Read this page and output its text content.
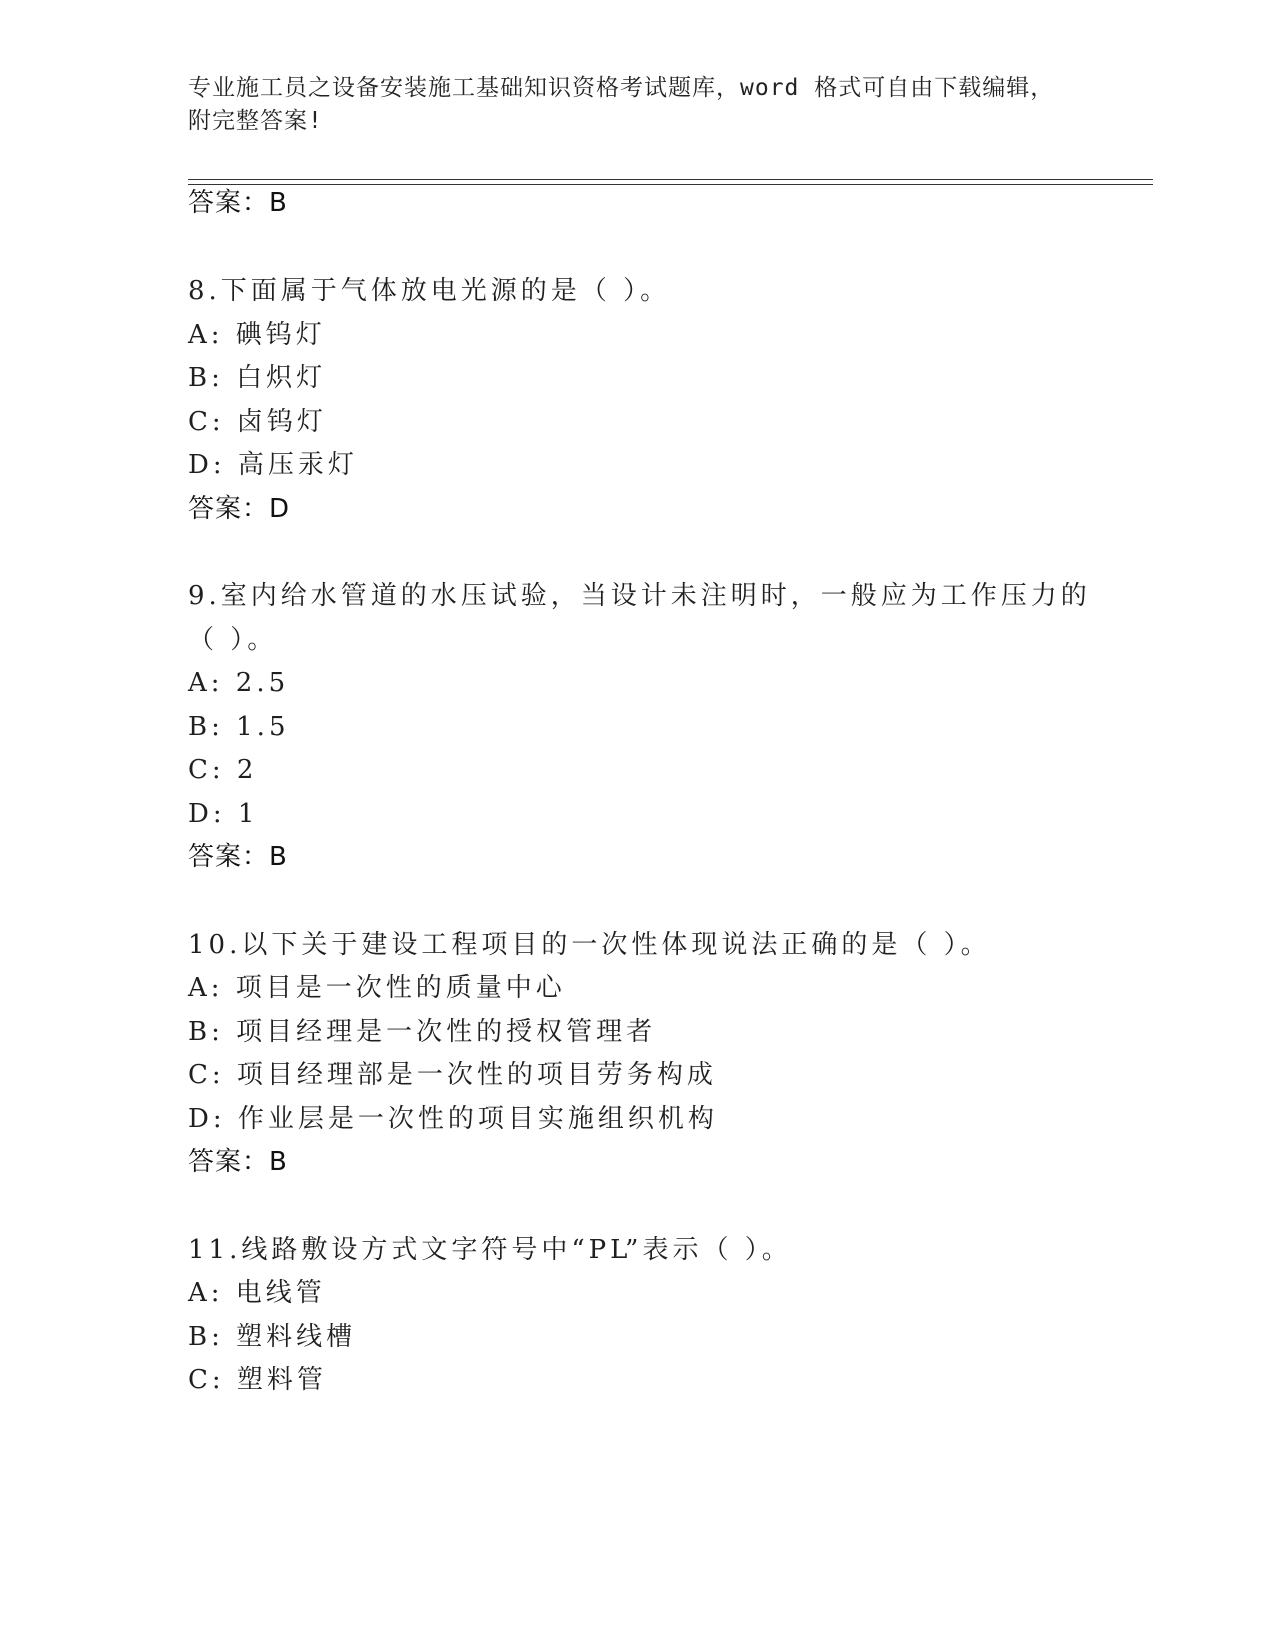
专业施工员之设备安装施工基础知识资格考试题库，word 格式可自由下载编辑，
附完整答案!
答案：B
8.下面属于气体放电光源的是（ ）。
A: 碘钨灯
B: 白炽灯
C: 卤钨灯
D: 高压汞灯
答案：D
9.室内给水管道的水压试验，当设计未注明时，一般应为工作压力的
（ ）。
A: 2.5
B: 1.5
C: 2
D: 1
答案：B
10.以下关于建设工程项目的一次性体现说法正确的是（ ）。
A: 项目是一次性的质量中心
B: 项目经理是一次性的授权管理者
C: 项目经理部是一次性的项目劳务构成
D: 作业层是一次性的项目实施组织机构
答案：B
11.线路敷设方式文字符号中“PL”表示（ ）。
A: 电线管
B: 塑料线槽
C: 塑料管
